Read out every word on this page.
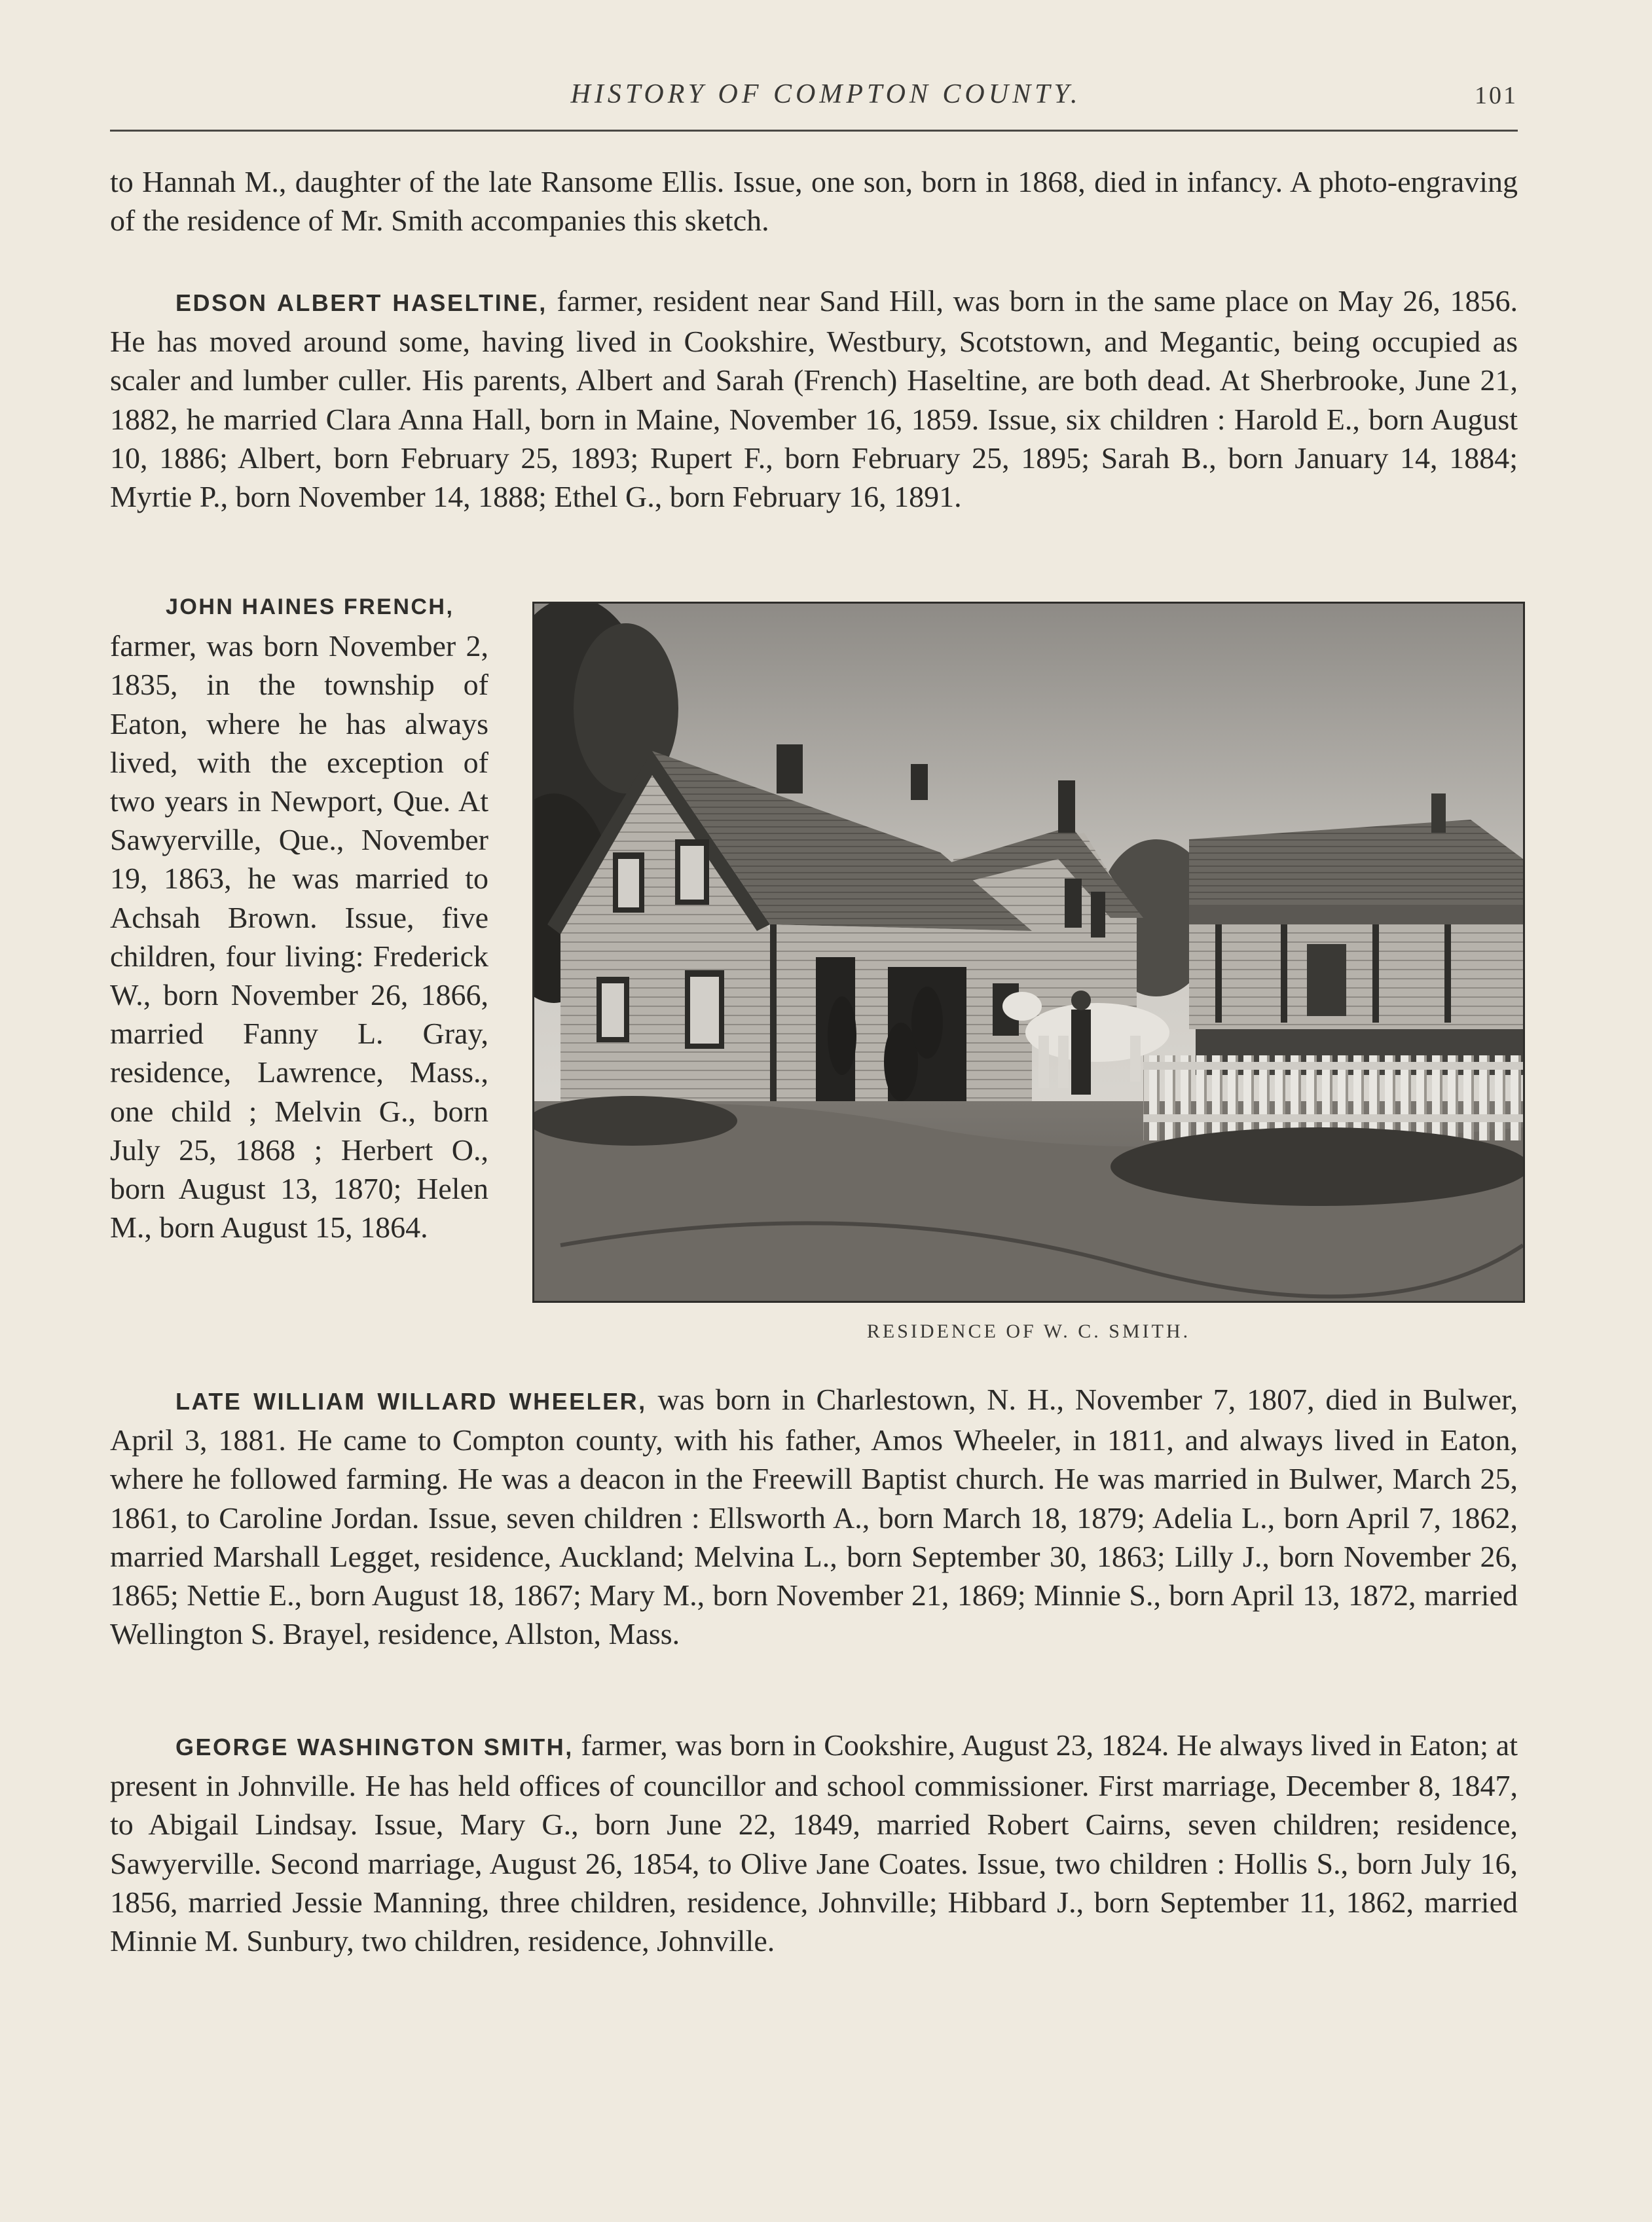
HISTORY OF COMPTON COUNTY.	101
to Hannah M., daughter of the late Ransome Ellis. Issue, one son, born in 1868, died in infancy. A photo-engraving of the residence of Mr. Smith accompanies this sketch.
EDSON ALBERT HASELTINE, farmer, resident near Sand Hill, was born in the same place on May 26, 1856. He has moved around some, having lived in Cookshire, Westbury, Scotstown, and Megantic, being occupied as scaler and lumber culler. His parents, Albert and Sarah (French) Haseltine, are both dead. At Sherbrooke, June 21, 1882, he married Clara Anna Hall, born in Maine, November 16, 1859. Issue, six children : Harold E., born August 10, 1886; Albert, born February 25, 1893; Rupert F., born February 25, 1895; Sarah B., born January 14, 1884; Myrtie P., born November 14, 1888; Ethel G., born February 16, 1891.
JOHN HAINES FRENCH,
farmer, was born November 2, 1835, in the township of Eaton, where he has always lived, with the exception of two years in Newport, Que. At Sawyerville, Que., November 19, 1863, he was married to Achsah Brown. Issue, five children, four living: Frederick W., born November 26, 1866, married Fanny L. Gray, residence, Lawrence, Mass., one child ; Melvin G., born July 25, 1868 ; Herbert O., born August 13, 1870; Helen M., born August 15, 1864.
RESIDENCE OF W. C. SMITH.
LATE WILLIAM WILLARD WHEELER, was born in Charlestown, N. H., November 7, 1807, died in Bulwer, April 3, 1881. He came to Compton county, with his father, Amos Wheeler, in 1811, and always lived in Eaton, where he followed farming. He was a deacon in the Freewill Baptist church. He was married in Bulwer, March 25, 1861, to Caroline Jordan. Issue, seven children : Ellsworth A., born March 18, 1879; Adelia L., born April 7, 1862, married Marshall Legget, residence, Auckland; Melvina L., born September 30, 1863; Lilly J., born November 26, 1865; Nettie E., born August 18, 1867; Mary M., born November 21, 1869; Minnie S., born April 13, 1872, married Wellington S. Brayel, residence, Allston, Mass.
GEORGE WASHINGTON SMITH, farmer, was born in Cookshire, August 23, 1824. He always lived in Eaton; at present in Johnville. He has held offices of councillor and school commissioner. First marriage, December 8, 1847, to Abigail Lindsay. Issue, Mary G., born June 22, 1849, married Robert Cairns, seven children; residence, Sawyerville. Second marriage, August 26, 1854, to Olive Jane Coates. Issue, two children : Hollis S., born July 16, 1856, married Jessie Manning, three children, residence, Johnville; Hibbard J., born September 11, 1862, married Minnie M. Sunbury, two children, residence, Johnville.
